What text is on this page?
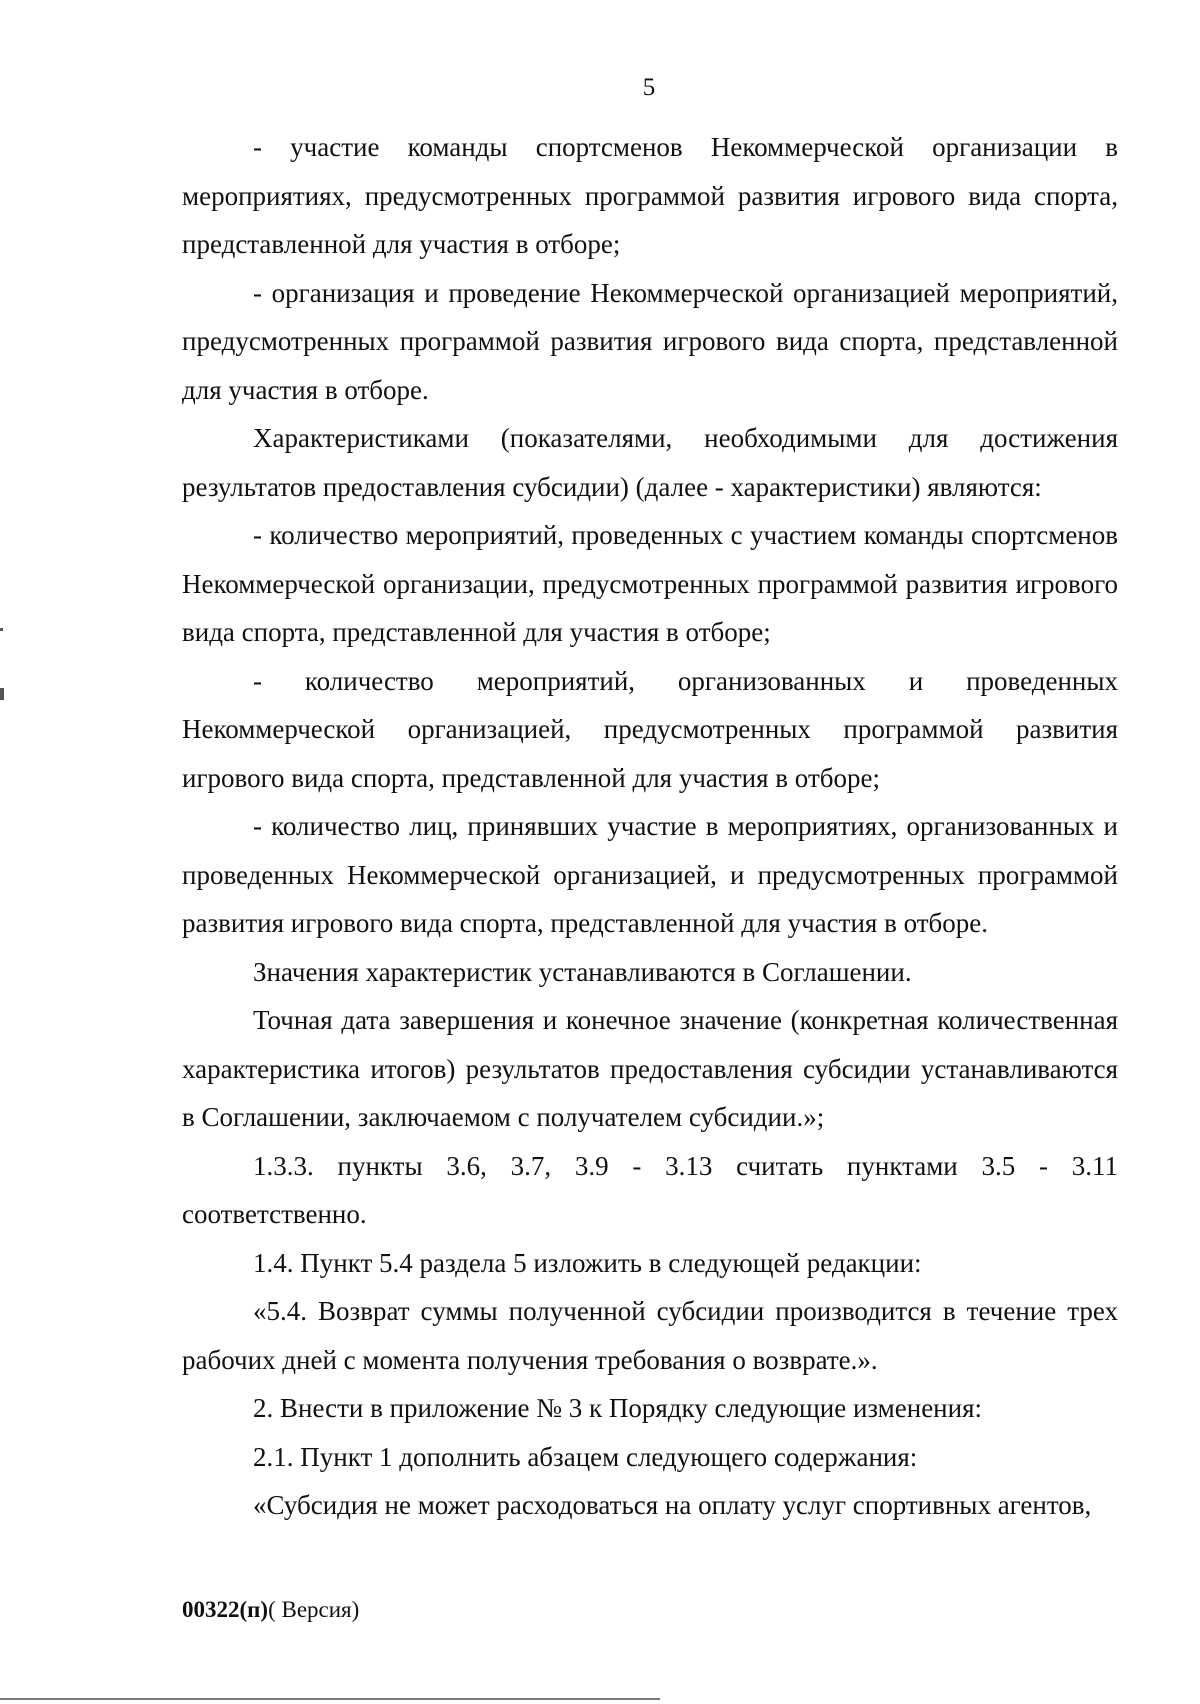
5

- участие команды спортсменов Некоммерческой организации в мероприятиях, предусмотренных программой развития игрового вида спорта, представленной для участия в отборе;

- организация и проведение Некоммерческой организацией мероприятий, предусмотренных программой развития игрового вида спорта, представленной для участия в отборе.

Характеристиками (показателями, необходимыми для достижения результатов предоставления субсидии) (далее - характеристики) являются:

- количество мероприятий, проведенных с участием команды спортсменов Некоммерческой организации, предусмотренных программой развития игрового вида спорта, представленной для участия в отборе;

- количество мероприятий, организованных и проведенных Некоммерческой организацией, предусмотренных программой развития игрового вида спорта, представленной для участия в отборе;

- количество лиц, принявших участие в мероприятиях, организованных и проведенных Некоммерческой организацией, и предусмотренных программой развития игрового вида спорта, представленной для участия в отборе.

Значения характеристик устанавливаются в Соглашении.

Точная дата завершения и конечное значение (конкретная количественная характеристика итогов) результатов предоставления субсидии устанавливаются в Соглашении, заключаемом с получателем субсидии.»;

1.3.3. пункты 3.6, 3.7, 3.9 - 3.13 считать пунктами 3.5 - 3.11 соответственно.

1.4. Пункт 5.4 раздела 5 изложить в следующей редакции:

«5.4. Возврат суммы полученной субсидии производится в течение трех рабочих дней с момента получения требования о возврате.».

2. Внести в приложение № 3 к Порядку следующие изменения:

2.1. Пункт 1 дополнить абзацем следующего содержания:

«Субсидия не может расходоваться на оплату услуг спортивных агентов,

00322(п)( Версия)
